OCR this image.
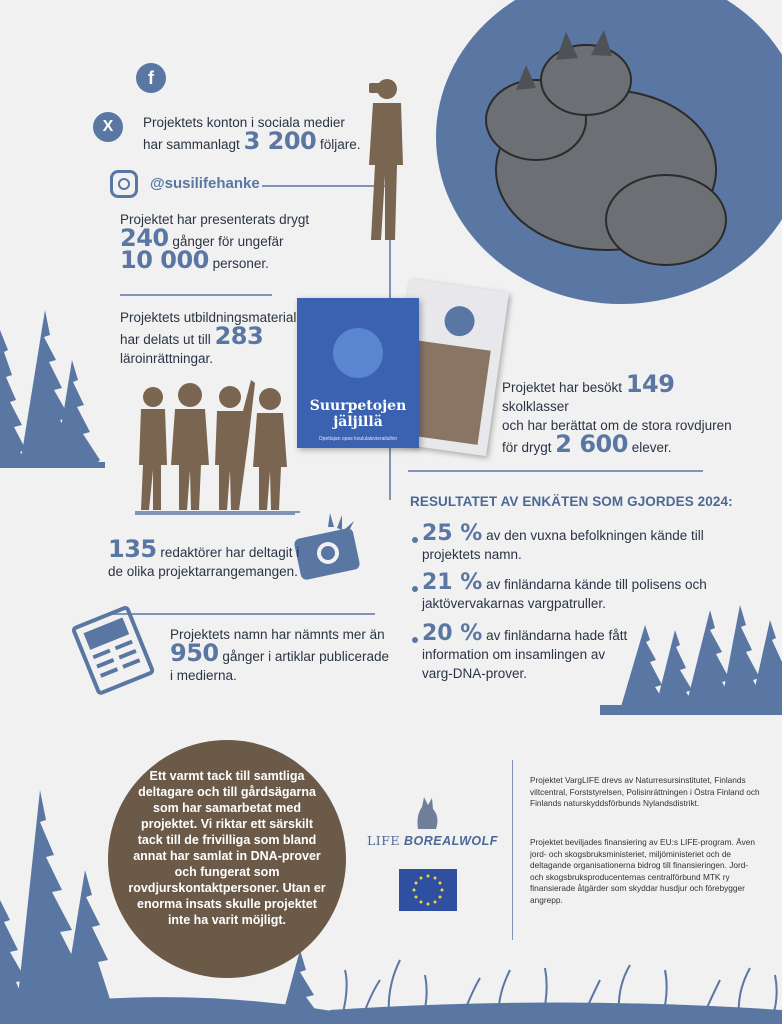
f
X	Projektets konton i sociala medier
har sammanlagt 3 200 följare.
@susilifehanke
Projektet har presenterats drygt
240 gånger för ungefär
10 000 personer.
Projektets utbildningsmaterial
har delats ut till 283
läroinrättningar.
Suurpetojen
jäljillä
Opettajan opas koululaisvierailuihin
Projektet har besökt 149 skolklasser
och har berättat om de stora rovdjuren
för drygt 2 600 elever.
135 redaktörer har deltagit i
de olika projektarrangemangen.
Projektets namn har nämnts mer än
950 gånger i artiklar publicerade
i medierna.
RESULTATET AV ENKÄTEN SOM GJORDES 2024:
25 % av den vuxna befolkningen kände till
projektets namn.
21 % av finländarna kände till polisens och
jaktövervakarnas vargpatruller.
20 % av finländarna hade fått
information om insamlingen av
varg-DNA-prover.
Ett varmt tack till samtliga deltagare och till gårdsägarna som har samarbetat med projektet. Vi riktar ett särskilt tack till de frivilliga som bland annat har samlat in DNA-prover och fungerat som rovdjurskontaktpersoner. Utan er enorma insats skulle projektet inte ha varit möjligt.
LIFE BOREALWOLF
Projektet VargLIFE drevs av Naturresursinstitutet, Finlands viltcentral, Forststyrelsen, Polisinrättningen i Östra Finland och Finlands naturskyddsförbunds Nylandsdistrikt.
Projektet beviljades finansiering av EU:s LIFE-program. Även jord- och skogsbruksministeriet, miljöministeriet och de deltagande organisationerna bidrog till finansieringen. Jord- och skogsbruksproducenternas centralförbund MTK ry finansierade åtgärder som skyddar husdjur och förebygger angrepp.
